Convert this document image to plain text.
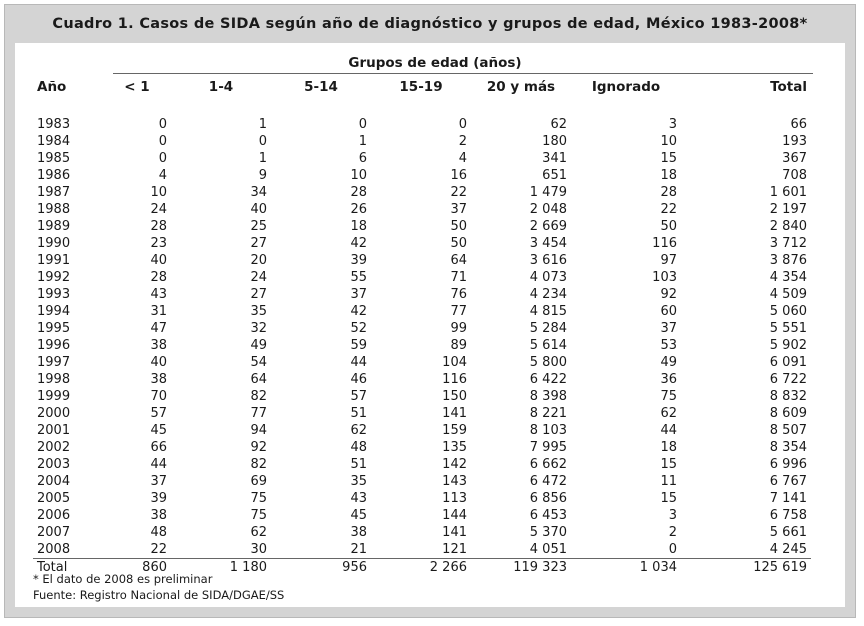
Cuadro 1. Casos de SIDA según año de diagnóstico y grupos de edad, México 1983-2008*
Grupos de edad (años)
Año	< 1	1-4	5-14	15-19	20 y más	Ignorado	Total

1983	0	1	0	0	62	3	66
1984	0	0	1	2	180	10	193
1985	0	1	6	4	341	15	367
1986	4	9	10	16	651	18	708
1987	10	34	28	22	1 479	28	1 601
1988	24	40	26	37	2 048	22	2 197
1989	28	25	18	50	2 669	50	2 840
1990	23	27	42	50	3 454	116	3 712
1991	40	20	39	64	3 616	97	3 876
1992	28	24	55	71	4 073	103	4 354
1993	43	27	37	76	4 234	92	4 509
1994	31	35	42	77	4 815	60	5 060
1995	47	32	52	99	5 284	37	5 551
1996	38	49	59	89	5 614	53	5 902
1997	40	54	44	104	5 800	49	6 091
1998	38	64	46	116	6 422	36	6 722
1999	70	82	57	150	8 398	75	8 832
2000	57	77	51	141	8 221	62	8 609
2001	45	94	62	159	8 103	44	8 507
2002	66	92	48	135	7 995	18	8 354
2003	44	82	51	142	6 662	15	6 996
2004	37	69	35	143	6 472	11	6 767
2005	39	75	43	113	6 856	15	7 141
2006	38	75	45	144	6 453	3	6 758
2007	48	62	38	141	5 370	2	5 661
2008	22	30	21	121	4 051	0	4 245
Total	860	1 180	956	2 266	119 323	1 034	125 619
* El dato de 2008 es preliminar
Fuente: Registro Nacional de SIDA/DGAE/SS
